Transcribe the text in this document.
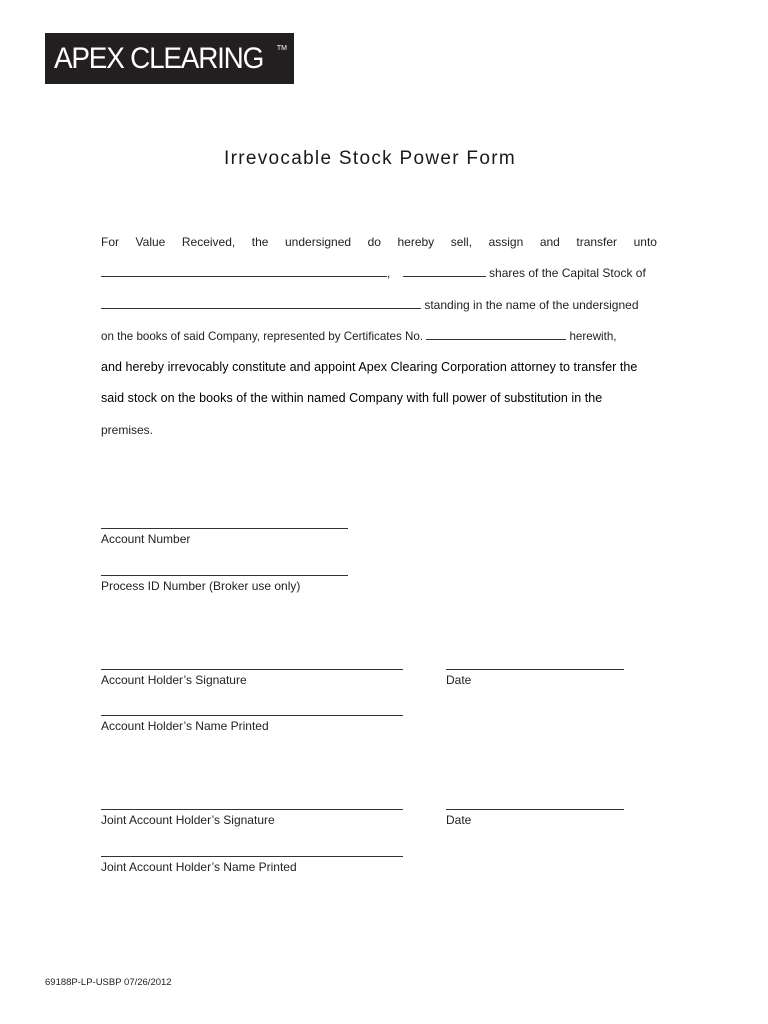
APEX CLEARING TM
Irrevocable Stock Power Form
For Value Received, the undersigned do hereby sell, assign and transfer unto
,	shares of the Capital Stock of
standing in the name of the undersigned
on the books of said Company, represented by Certificates No.	herewith,
and hereby irrevocably constitute and appoint Apex Clearing Corporation attorney to transfer the
said stock on the books of the within named Company with full power of substitution in the
premises.
Account Number
Process ID Number (Broker use only)
Account Holder’s Signature	Date
Account Holder’s Name Printed
Joint Account Holder’s Signature	Date
Joint Account Holder’s Name Printed
69188P-LP-USBP 07/26/2012
